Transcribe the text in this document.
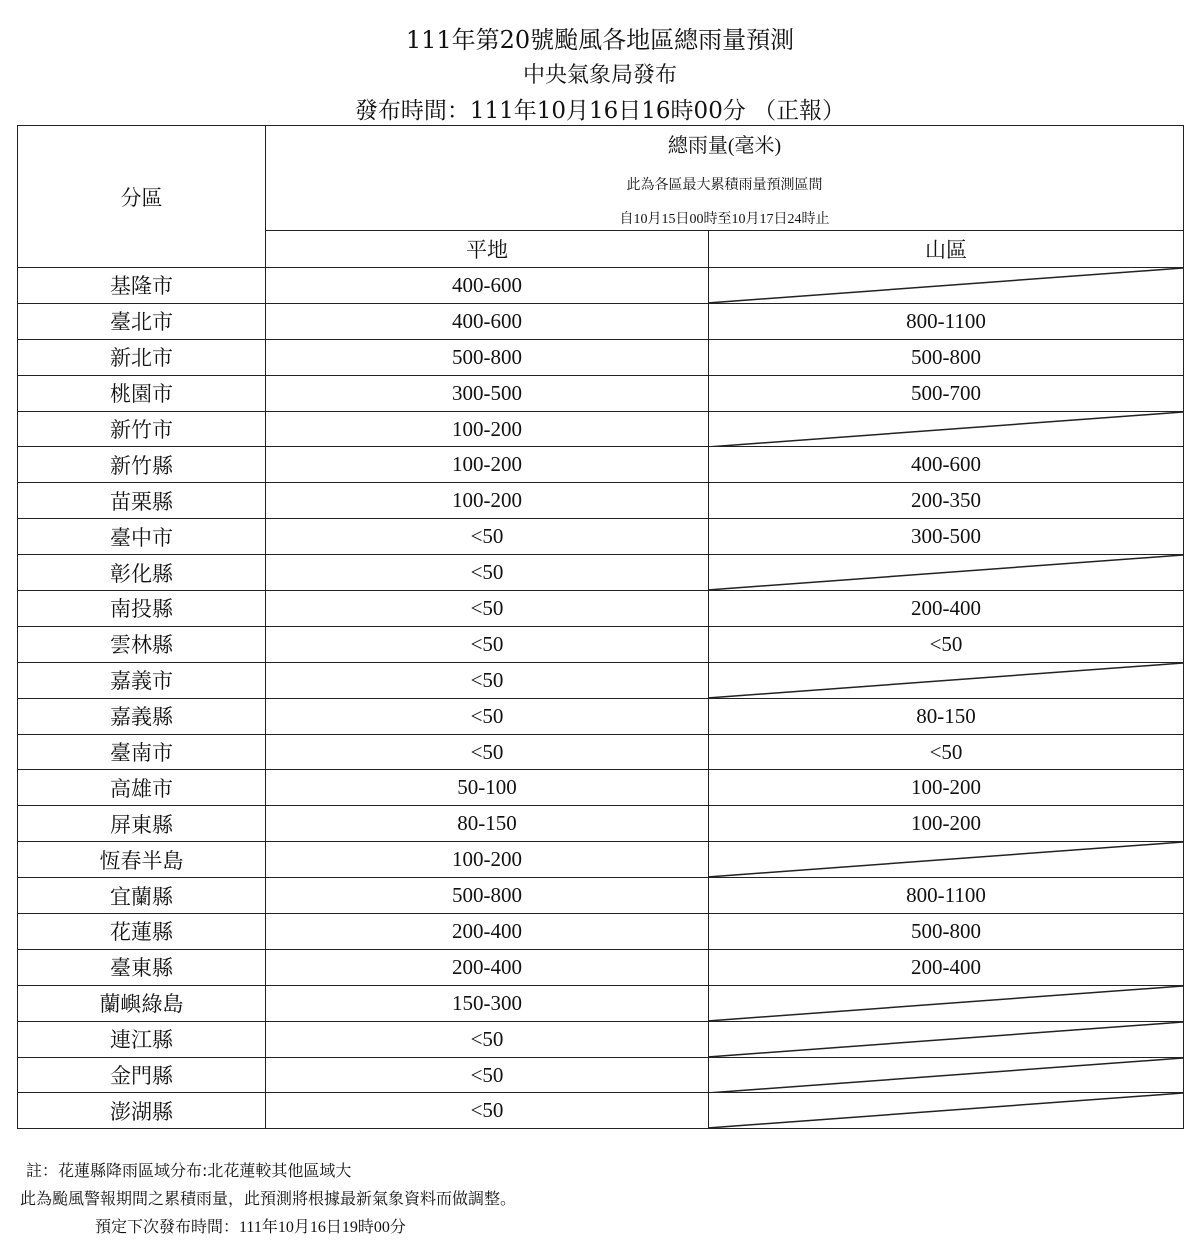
111年第20號颱風各地區總雨量預測
中央氣象局發布
發布時間：111年10月16日16時00分 （正報）
分區	總雨量(毫米)
此為各區最大累積雨量預測區間
自10月15日00時至10月17日24時止	

	平地	山區
基隆市	400-600	

臺北市	400-600	800-1100
新北市	500-800	500-800
桃園市	300-500	500-700
新竹市	100-200	

新竹縣	100-200	400-600
苗栗縣	100-200	200-350
臺中市	<50	300-500
彰化縣	<50	

南投縣	<50	200-400
雲林縣	<50	<50
嘉義市	<50	

嘉義縣	<50	80-150
臺南市	<50	<50
高雄市	50-100	100-200
屏東縣	80-150	100-200
恆春半島	100-200	

宜蘭縣	500-800	800-1100
花蓮縣	200-400	500-800
臺東縣	200-400	200-400
蘭嶼綠島	150-300	

連江縣	<50	

金門縣	<50	

澎湖縣	<50	
註：花蓮縣降雨區域分布:北花蓮較其他區域大
此為颱風警報期間之累積雨量，此預測將根據最新氣象資料而做調整。
預定下次發布時間：111年10月16日19時00分
